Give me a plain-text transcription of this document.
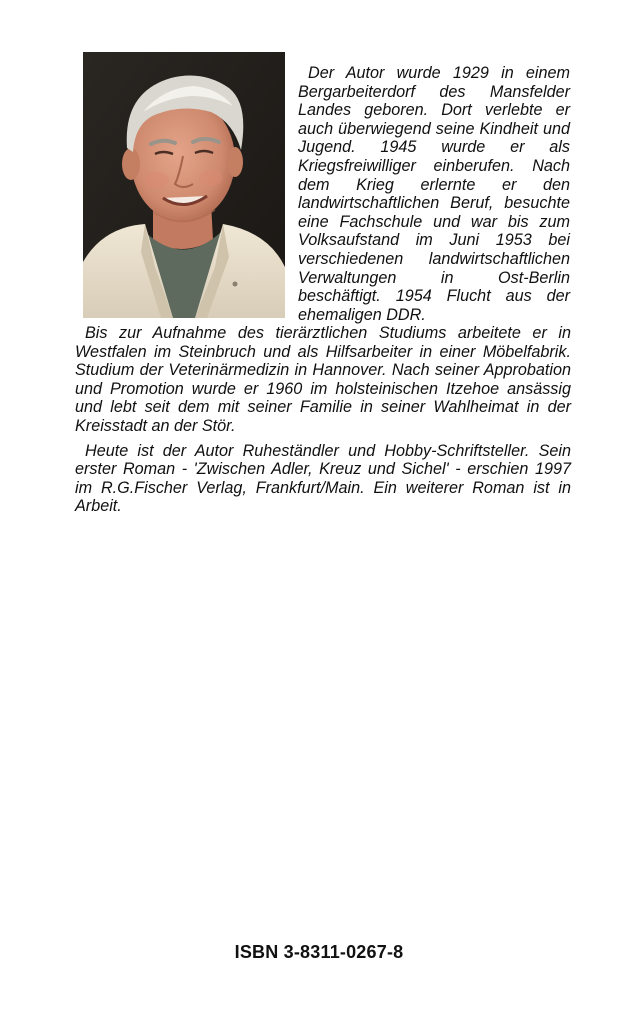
Der Autor wurde 1929 in einem Bergarbeiterdorf des Mansfelder Landes geboren. Dort verlebte er auch überwiegend seine Kindheit und Jugend. 1945 wurde er als Kriegsfreiwilliger einberufen. Nach dem Krieg erlernte er den landwirtschaftlichen Beruf, besuchte eine Fachschule und war bis zum Volksaufstand im Juni 1953 bei verschiedenen landwirtschaftlichen Verwaltungen in Ost-Berlin beschäftigt. 1954 Flucht aus der ehemaligen DDR.

Bis zur Aufnahme des tierärztlichen Studiums arbeitete er in Westfalen im Steinbruch und als Hilfsarbeiter in einer Möbelfabrik. Studium der Veterinärmedizin in Hannover. Nach seiner Approbation und Promotion wurde er 1960 im holsteinischen Itzehoe ansässig und lebt seit dem mit seiner Familie in seiner Wahlheimat in der Kreisstadt an der Stör.

Heute ist der Autor Ruheständler und Hobby-Schriftsteller. Sein erster Roman - 'Zwischen Adler, Kreuz und Sichel' - erschien 1997 im R.G.Fischer Verlag, Frankfurt/Main. Ein weiterer Roman ist in Arbeit.

ISBN 3-8311-0267-8
